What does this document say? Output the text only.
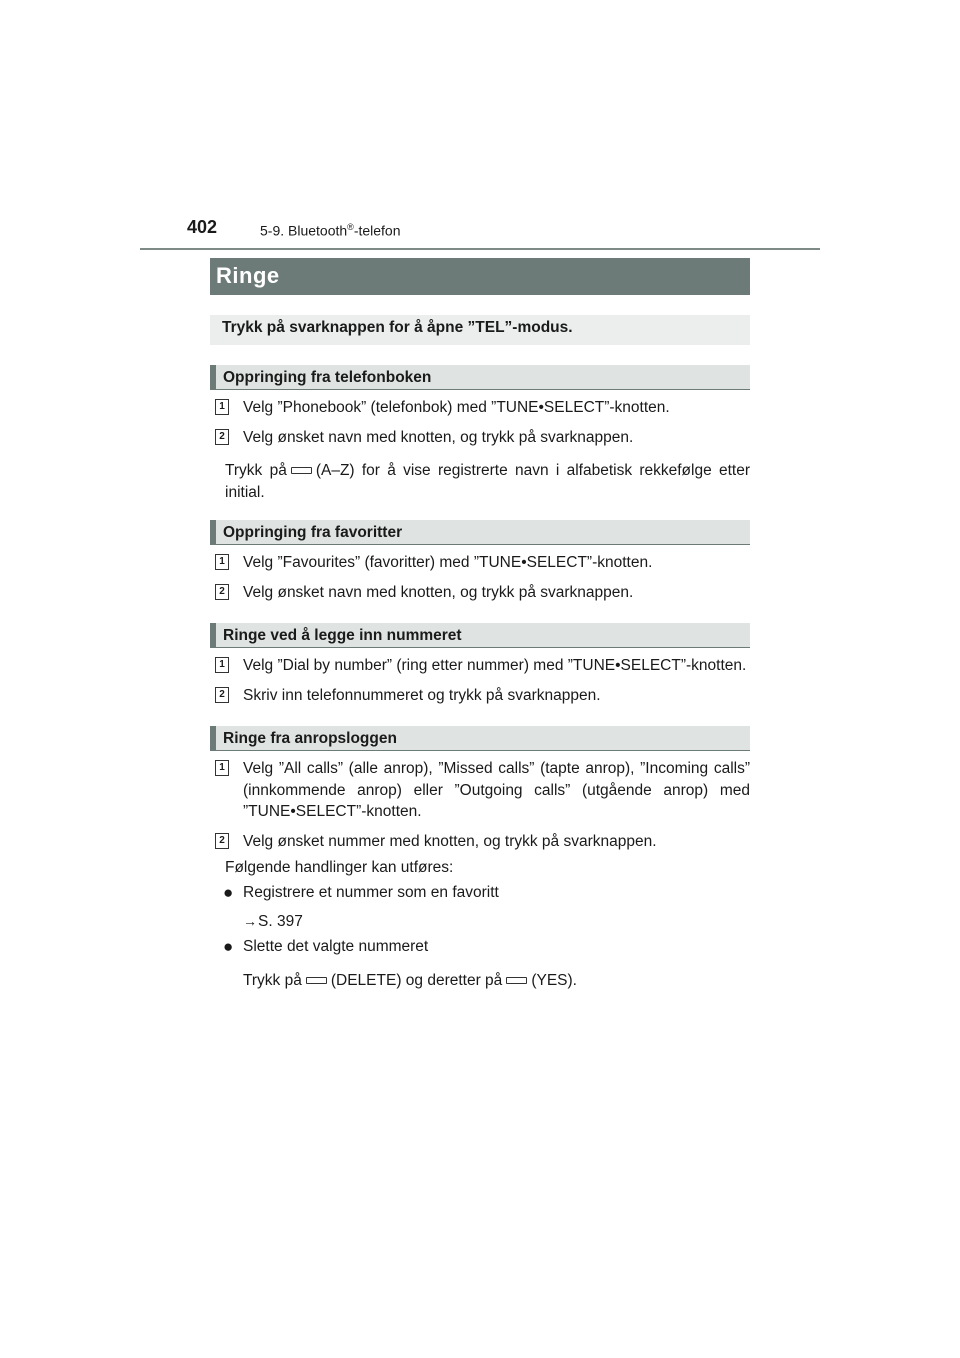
402	5-9. Bluetooth®-telefon
Ringe
Trykk på svarknappen for å åpne ”TEL”-modus.
Oppringing fra telefonboken
1 Velg ”Phonebook” (telefonbok) med ”TUNE•SELECT”-knotten.
2 Velg ønsket navn med knotten, og trykk på svarknappen.
Trykk på (A–Z) for å vise registrerte navn i alfabetisk rekkefølge etter initial.
Oppringing fra favoritter
1 Velg ”Favourites” (favoritter) med ”TUNE•SELECT”-knotten.
2 Velg ønsket navn med knotten, og trykk på svarknappen.
Ringe ved å legge inn nummeret
1 Velg ”Dial by number” (ring etter nummer) med ”TUNE•SELECT”-knotten.
2 Skriv inn telefonnummeret og trykk på svarknappen.
Ringe fra anropsloggen
1 Velg ”All calls” (alle anrop), ”Missed calls” (tapte anrop), ”Incoming calls” (innkommende anrop) eller ”Outgoing calls” (utgående anrop) med ”TUNE•SELECT”-knotten.
2 Velg ønsket nummer med knotten, og trykk på svarknappen.
Følgende handlinger kan utføres:
● Registrere et nummer som en favoritt
→S. 397
● Slette det valgte nummeret
Trykk på (DELETE) og deretter på (YES).
